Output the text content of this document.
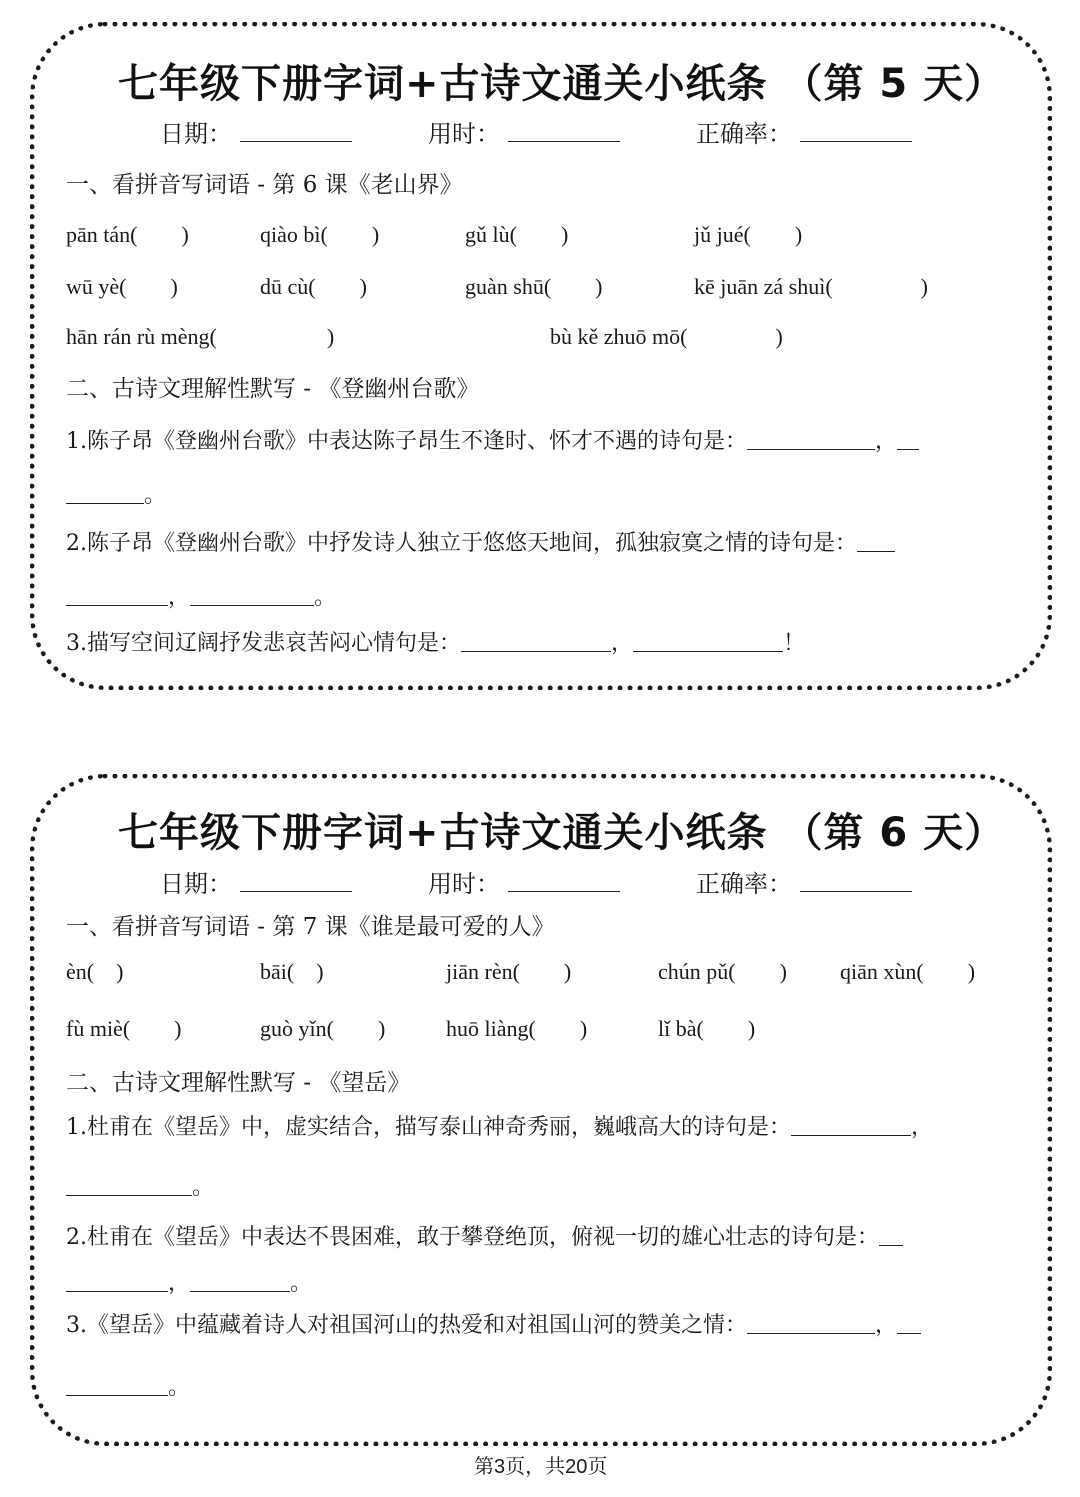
七年级下册字词+古诗文通关小纸条 （第 5 天）
日期：	用时：	正确率：
一、看拼音写词语 - 第 6 课《老山界》
pān tán(　　)	qiào bì(　　)	gǔ lù(　　)	jǔ jué(　　)
wū yè(　　)	dū cù(　　)	guàn shū(　　)	kē juān zá shuì(　　　　)
hān rán rù mèng(　　　　　)	bù kě zhuō mō(　　　　)
二、古诗文理解性默写 - 《登幽州台歌》
1.陈子昂《登幽州台歌》中表达陈子昂生不逢时、怀才不遇的诗句是：	，
。
2.陈子昂《登幽州台歌》中抒发诗人独立于悠悠天地间，孤独寂寞之情的诗句是：
，	。
3.描写空间辽阔抒发悲哀苦闷心情句是：	，	！
七年级下册字词+古诗文通关小纸条 （第 6 天）
日期：	用时：	正确率：
一、看拼音写词语 - 第 7 课《谁是最可爱的人》
èn(　)	bāi(　)	jiān rèn(　　)	chún pǔ(　　) qiān xùn(　　)
fù miè(　　)	guò yǐn(　　)	huō liàng(　　)	lǐ bà(　　)
二、古诗文理解性默写 - 《望岳》
1.杜甫在《望岳》中，虚实结合，描写泰山神奇秀丽，巍峨高大的诗句是：	，
。
2.杜甫在《望岳》中表达不畏困难，敢于攀登绝顶，俯视一切的雄心壮志的诗句是：
，	。
3.《望岳》中蕴藏着诗人对祖国河山的热爱和对祖国山河的赞美之情：	，
。
第3页，共20页
